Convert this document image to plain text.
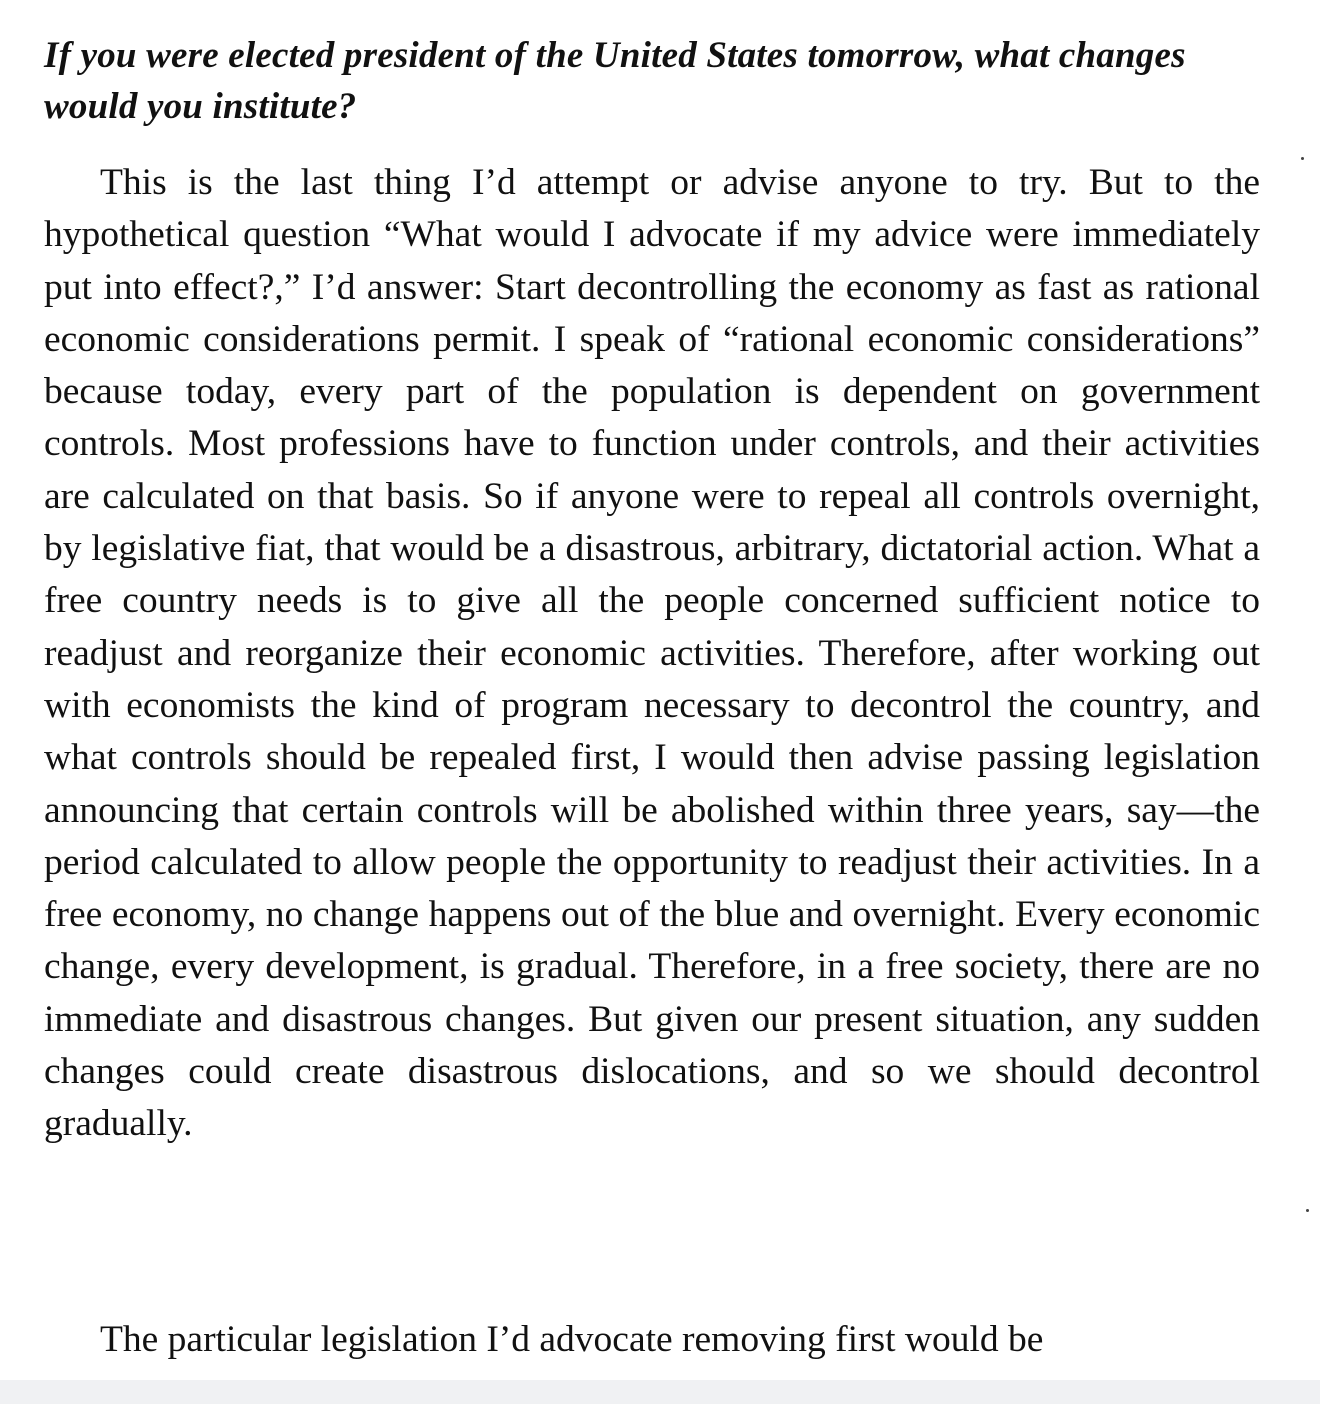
If you were elected president of the United States tomorrow, what changes would you institute?

This is the last thing I’d attempt or advise anyone to try. But to the hypothetical question “What would I advocate if my advice were immediately put into effect?,” I’d answer: Start decontrolling the economy as fast as rational economic considerations permit. I speak of “rational economic considerations” because today, every part of the population is dependent on government controls. Most professions have to function under controls, and their activities are calculated on that basis. So if anyone were to repeal all controls overnight, by legislative fiat, that would be a disastrous, arbitrary, dictatorial action. What a free country needs is to give all the people concerned sufficient notice to readjust and reorganize their economic activities. Therefore, after working out with economists the kind of program necessary to decontrol the country, and what controls should be repealed first, I would then advise passing legislation announcing that certain controls will be abolished within three years, say—the period calculated to allow people the opportunity to readjust their activities. In a free economy, no change happens out of the blue and overnight. Every economic change, every development, is gradual. Therefore, in a free society, there are no immediate and disastrous changes. But given our present situation, any sudden changes could create disastrous dislocations, and so we should decontrol gradually.

The particular legislation I’d advocate removing first would be
